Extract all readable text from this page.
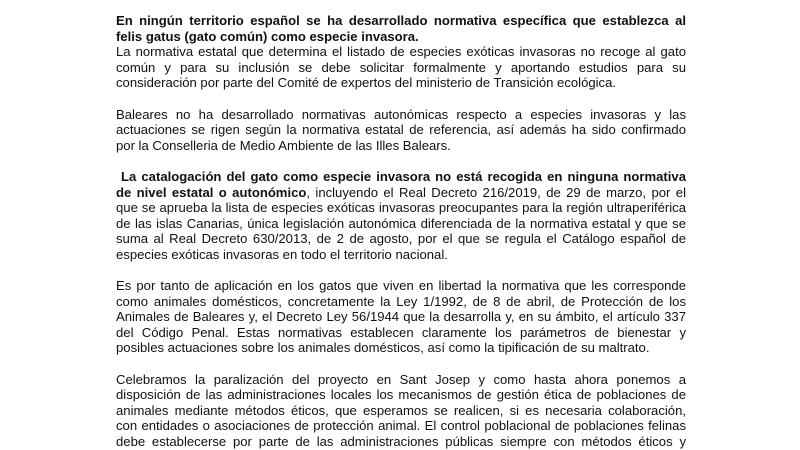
En ningún territorio español se ha desarrollado normativa específica que establezca al
felis gatus (gato común) como especie invasora.
La normativa estatal que determina el listado de especies exóticas invasoras no recoge al gato
común y para su inclusión se debe solicitar formalmente y aportando estudios para su
consideración por parte del Comité de expertos del ministerio de Transición ecológica.
Baleares no ha desarrollado normativas autonómicas respecto a especies invasoras y las
actuaciones se rigen según la normativa estatal de referencia, así además ha sido confirmado
por la Conselleria de Medio Ambiente de las Illes Balears.
La catalogación del gato como especie invasora no está recogida en ninguna normativa
de nivel estatal o autonómico, incluyendo el Real Decreto 216/2019, de 29 de marzo, por el
que se aprueba la lista de especies exóticas invasoras preocupantes para la región ultraperiférica
de las islas Canarias, única legislación autonómica diferenciada de la normativa estatal y que se
suma al Real Decreto 630/2013, de 2 de agosto, por el que se regula el Catálogo español de
especies exóticas invasoras en todo el territorio nacional.
Es por tanto de aplicación en los gatos que viven en libertad la normativa que les corresponde
como animales domésticos, concretamente la Ley 1/1992, de 8 de abril, de Protección de los
Animales de Baleares y, el Decreto Ley 56/1944 que la desarrolla y, en su ámbito, el artículo 337
del Código Penal. Estas normativas establecen claramente los parámetros de bienestar y
posibles actuaciones sobre los animales domésticos, así como la tipificación de su maltrato.
Celebramos la paralización del proyecto en Sant Josep y como hasta ahora ponemos a
disposición de las administraciones locales los mecanismos de gestión ética de poblaciones de
animales mediante métodos éticos, que esperamos se realicen, si es necesaria colaboración,
con entidades o asociaciones de protección animal. El control poblacional de poblaciones felinas
debe establecerse por parte de las administraciones públicas siempre con métodos éticos y
